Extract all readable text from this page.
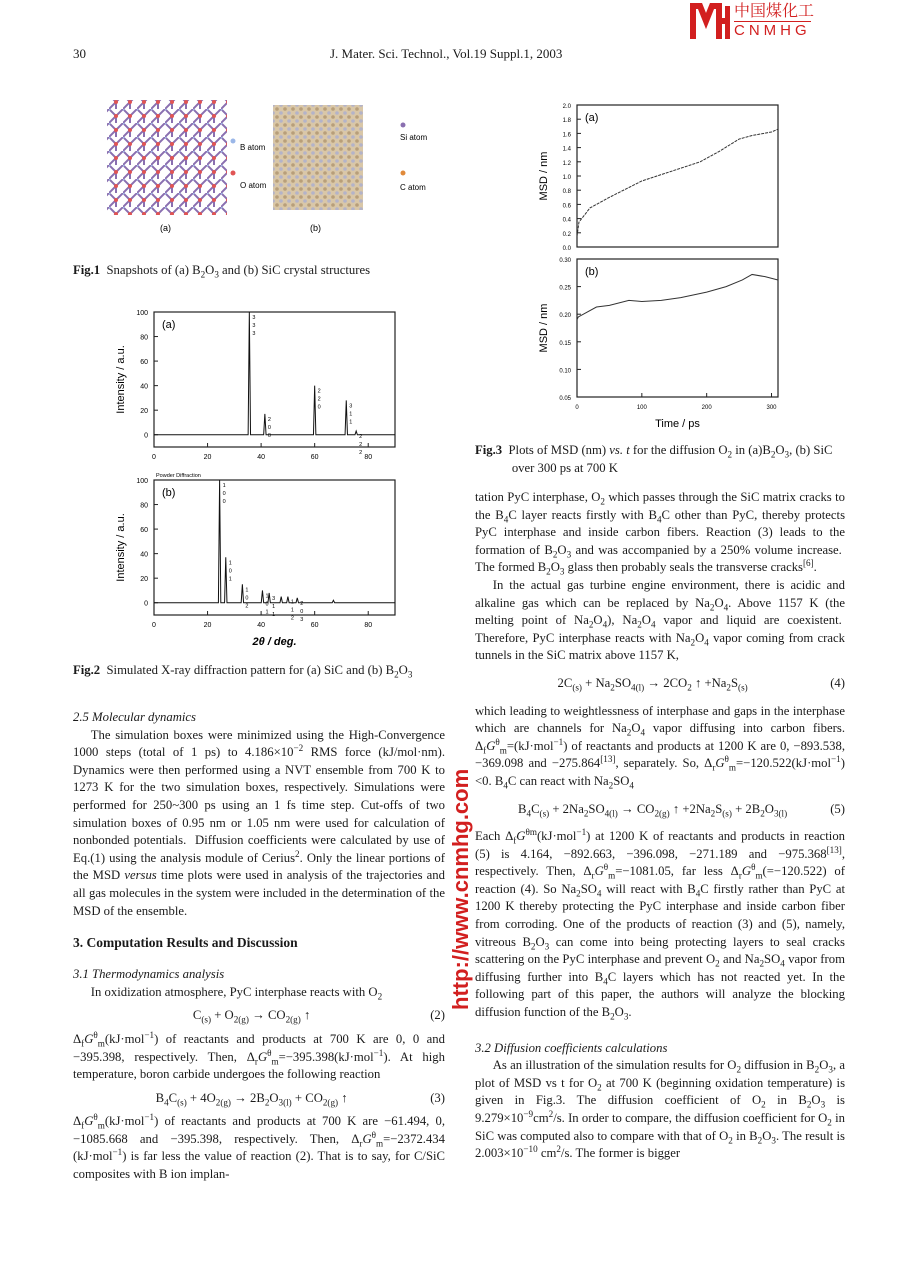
30	J. Mater. Sci. Technol., Vol.19 Suppl.1, 2003
(a)	(b)
B atom
O atom
Si atom
C atom
Fig.1 Snapshots of (a) $B_2O_3$ and (b) SiC crystal structures
0
20
40
60
80
100
0	20	40	60	80
(a)
Intensity / a.u.
3
3
3
2
0
0
2
2
0	3
1
1
2
2
2
0
20
40
60
80
100
0	20	40	60	80
(b)
Intensity / a.u.
2θ / deg.
Powder Diffraction
1
0
0
1
0
1
1
0
2
1
0
1
3
1
1
1
1
2
2
0
3
Fig.2 Simulated X-ray diffraction pattern for (a) SiC and (b) $B_2O_3$
0.0
0.2
0.4
0.6
0.8
1.0
1.2
1.4
1.6
1.8
2.0
(a)
MSD / nm
0.05
0.10
0.15
0.20
0.25
0.30
0	100	200	300
(b)
MSD / nm
Time / ps
Fig.3 Plots of MSD (nm) vs. t for the diffusion $O_2$ in $(a)B_2O_3$, (b) SiC over 300 ps at 700 K
2.5 Molecular dynamics
The simulation boxes were minimized using the High-Convergence 1000 steps (total of 1 ps) to $4.186\times 10^{-2}$ RMS force (kJ/mol·nm). Dynamics were then performed using a NVT ensemble from 700 K to 1273 K for the two simulation boxes, respectively. Simulations were performed for 250~300 ps using an 1 fs time step. Cut-offs of two simulation boxes of 0.95 nm or 1.05 nm were used for calculation of nonbonded potentials.  Diffusion coefficients were calculated by use of Eq.(1) using the analysis module of Cerius$^2$. Only the linear portions of the MSD versus time plots were used in analysis of the trajectories and all gas molecules in the system were included in the determination of the MSD of the ensemble.
3. Computation Results and Discussion
3.1 Thermodynamics analysis
In oxidization atmosphere, PyC interphase reacts with $O_2$
$C_{(s)} + O_{2(g)} \to CO_{2(g)}$ ↑	(2)
$\Delta_fG^\theta_m(kJ\cdot mol^{-1})$ of reactants and products at 700 K are 0, 0 and −395.398, respectively. Then, $\Delta_rG^\theta_m=-395.398(kJ\cdot mol^{-1})$. At high temperature, boron carbide undergoes the following reaction
$B_4C_{(s)} + 4O_{2(g)} \to 2B_2O_{3(l)} + CO_{2(g)}$ ↑	(3)
$\Delta_fG^\theta_m(kJ\cdot mol^{-1})$ of reactants and products at 700 K are −61.494, 0, −1085.668 and −395.398, respectively. Then, $\Delta_rG^\theta_m=-2372.434$ (kJ·mol$^{-1}$) is far less the value of reaction (2). That is to say, for C/SiC composites with B ion implan-
tation PyC interphase, $O_2$ which passes through the SiC matrix cracks to the $B_4C$ layer reacts firstly with $B_4C$ other than PyC, thereby protects PyC interphase and inside carbon fibers. Reaction (3) leads to the formation of $B_2O_3$ and was accompanied by a 250% volume increase.  The formed $B_2O_3$ glass then probably seals the transverse cracks[6].
In the actual gas turbine engine environment, there is acidic and alkaline gas which can be replaced by $Na_2O_4$. Above 1157 K (the melting point of $Na_2O_4$), $Na_2O_4$ vapor and liquid are coexistent.  Therefore, PyC interphase reacts with $Na_2O_4$ vapor coming from crack tunnels in the SiC matrix above 1157 K,
$2C_{(s)} + Na_2SO_{4(l)} \to 2CO_2$ ↑ $+Na_2S_{(s)}$	(4)
which leading to weightlessness of interphase and gaps in the interphase which are channels for $Na_2O_4$ vapor diffusing into carbon fibers. $\Delta_fG^\theta_m=(kJ\cdot mol^{-1})$ of reactants and products at 1200 K are 0, −893.538, −369.098 and −275.864[13], separately. So, $\Delta_rG^\theta_m=-120.522(kJ\cdot mol^{-1})<0$. $B_4C$ can react with $Na_2SO_4$
$B_4C_{(s)} + 2Na_2SO_{4(l)} \to CO_{2(g)}$ ↑ $+2Na_2S_{(s)} + 2B_2O_{3(l)}$	(5)
Each $\Delta_fG^{\theta m}(kJ\cdot mol^{-1})$ at 1200 K of reactants and products in reaction (5) is 4.164, −892.663, −396.098, −271.189 and −975.368[13], respectively. Then, $\Delta_rG^\theta_m=-1081.05$, far less $\Delta_rG^\theta_m(=-120.522)$ of reaction (4). So $Na_2SO_4$ will react with $B_4C$ firstly rather than PyC at 1200 K thereby protecting the PyC interphase and inside carbon fiber from corroding. One of the products of reaction (3) and (5), namely, vitreous $B_2O_3$ can come into being protecting layers to seal cracks scattering on the PyC interphase and prevent $O_2$ and $Na_2SO_4$ vapor from diffusing further into $B_4C$ layers which has not reacted yet. In the following part of this paper, the authors will analyze the blocking diffusion function of the $B_2O_3$.
3.2 Diffusion coefficients calculations
As an illustration of the simulation results for $O_2$ diffusion in $B_2O_3$, a plot of MSD vs t for $O_2$ at 700 K (beginning oxidation temperature) is given in Fig.3. The diffusion coefficient of $O_2$ in $B_2O_3$ is $9.279\times 10^{-9}cm^2/s$. In order to compare, the diffusion coefficient for $O_2$ in SiC was computed also to compare with that of $O_2$ in $B_2O_3$. The result is $2.003\times 10^{-10}$ $cm^2/s$. The former is bigger
http://www.cnmhg.com
中国煤化工
CNMHG
